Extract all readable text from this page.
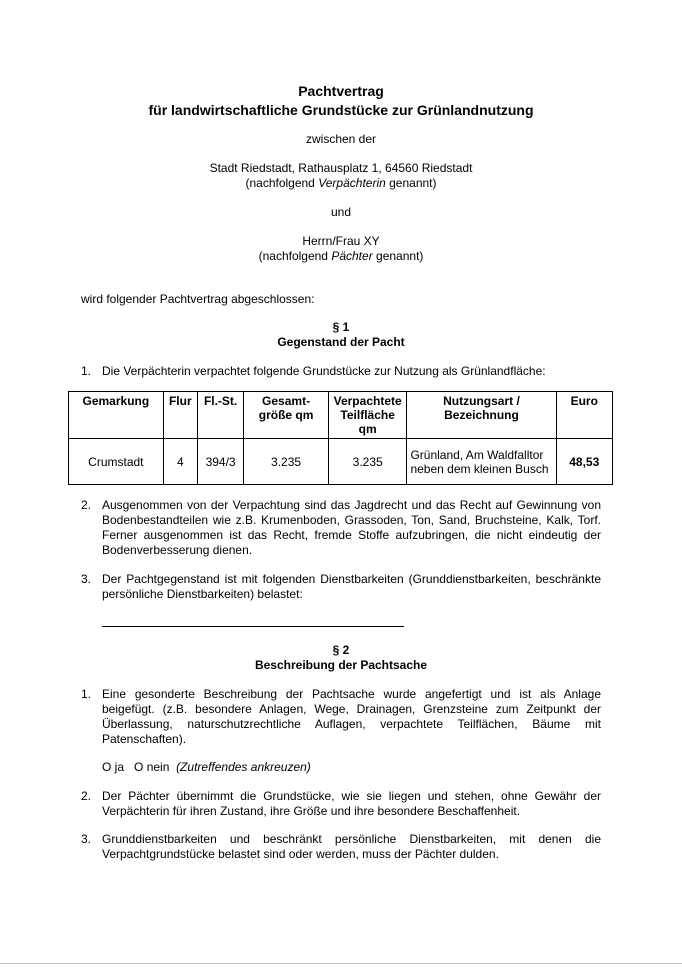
Pachtvertrag
für landwirtschaftliche Grundstücke zur Grünlandnutzung
zwischen der
Stadt Riedstadt, Rathausplatz 1, 64560 Riedstadt
(nachfolgend Verpächterin genannt)
und
Herrn/Frau XY
(nachfolgend Pächter genannt)
wird folgender Pachtvertrag abgeschlossen:
§ 1
Gegenstand der Pacht
1. Die Verpächterin verpachtet folgende Grundstücke zur Nutzung als Grünlandfläche:
Gemarkung	Flur	Fl.-St.	Gesamt-größe qm	Verpachtete Teilfläche qm	Nutzungsart / Bezeichnung	Euro
Crumstadt	4	394/3	3.235	3.235	Grünland, Am Waldfalltor neben dem kleinen Busch	48,53
2. Ausgenommen von der Verpachtung sind das Jagdrecht und das Recht auf Gewinnung von Bodenbestandteilen wie z.B. Krumenboden, Grassoden, Ton, Sand, Bruchsteine, Kalk, Torf. Ferner ausgenommen ist das Recht, fremde Stoffe aufzubringen, die nicht eindeutig der Bodenverbesserung dienen.
3. Der Pachtgegenstand ist mit folgenden Dienstbarkeiten (Grunddienstbarkeiten, beschränkte persönliche Dienstbarkeiten) belastet:
§ 2
Beschreibung der Pachtsache
1. Eine gesonderte Beschreibung der Pachtsache wurde angefertigt und ist als Anlage beigefügt. (z.B. besondere Anlagen, Wege, Drainagen, Grenzsteine zum Zeitpunkt der Überlassung, naturschutzrechtliche Auflagen, verpachtete Teilflächen, Bäume mit Patenschaften).
O ja O nein (Zutreffendes ankreuzen)
2. Der Pächter übernimmt die Grundstücke, wie sie liegen und stehen, ohne Gewähr der Verpächterin für ihren Zustand, ihre Größe und ihre besondere Beschaffenheit.
3. Grunddienstbarkeiten und beschränkt persönliche Dienstbarkeiten, mit denen die Verpachtgrundstücke belastet sind oder werden, muss der Pächter dulden.
